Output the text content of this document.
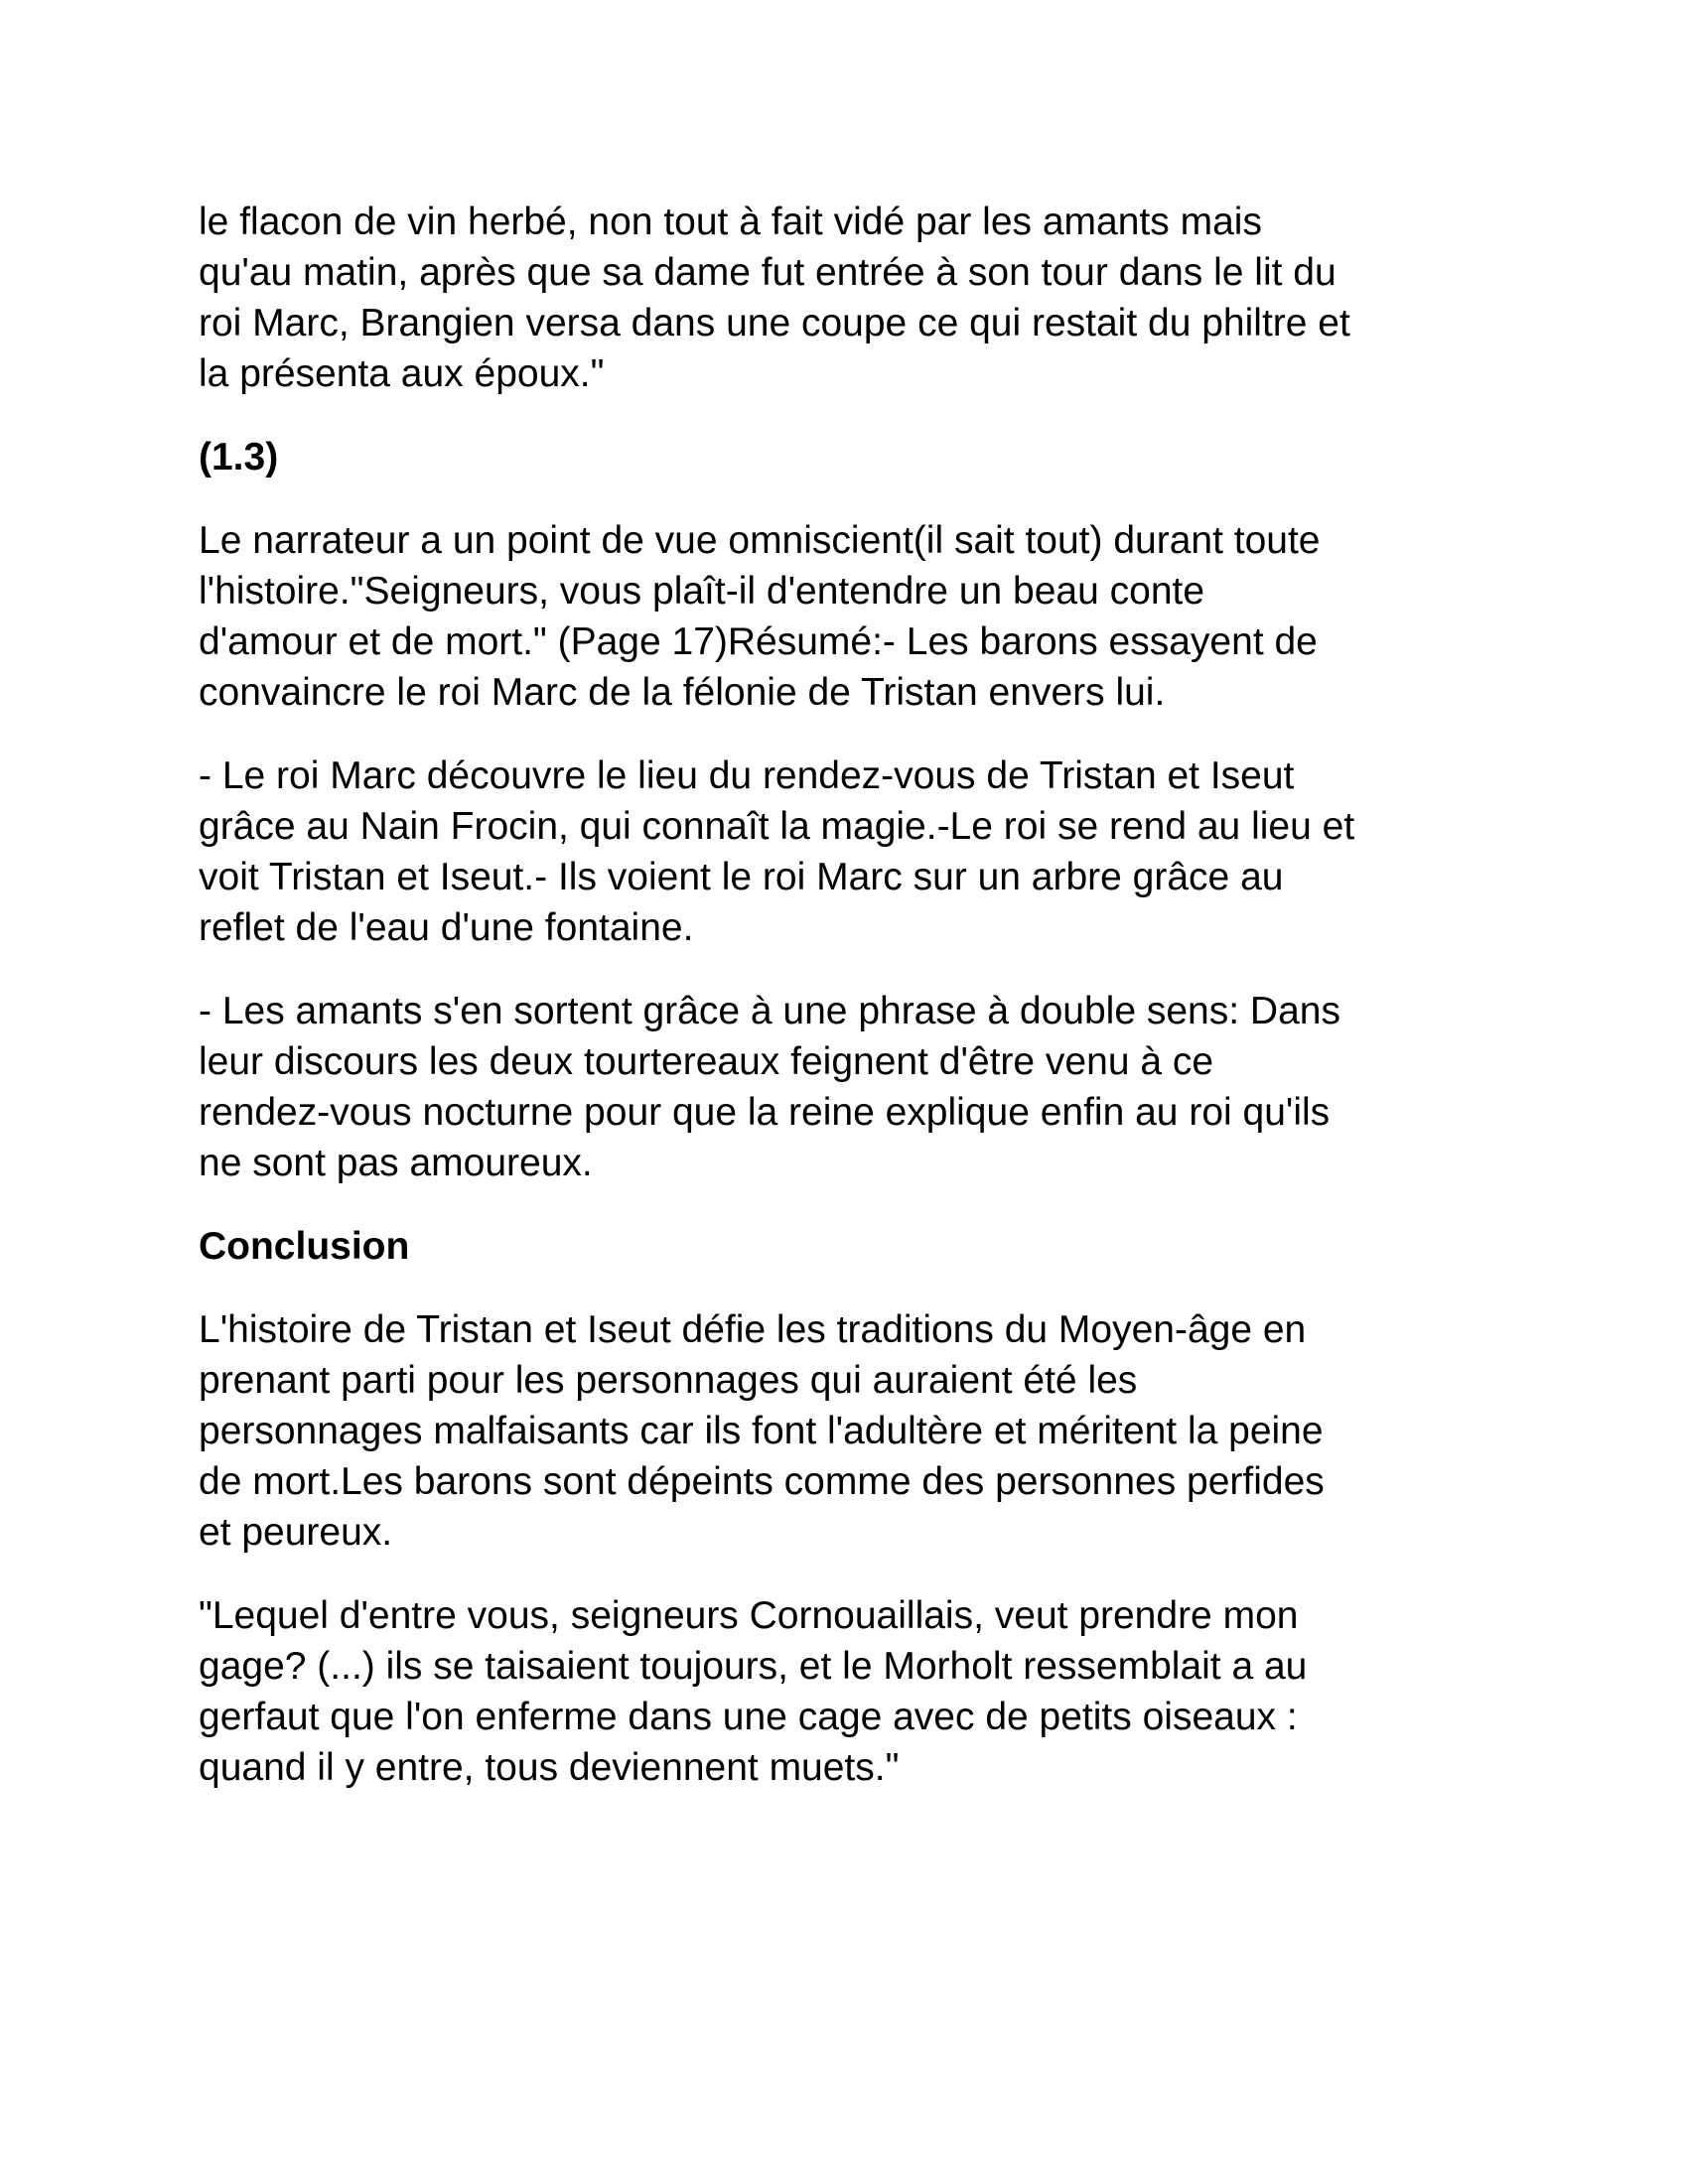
le flacon de vin herbé, non tout à fait vidé par les amants mais
qu'au matin, après que sa dame fut entrée à son tour dans le lit du
roi Marc, Brangien versa dans une coupe ce qui restait du philtre et
la présenta aux époux."
(1.3)
Le narrateur a un point de vue omniscient(il sait tout) durant toute
l'histoire."Seigneurs, vous plaît-il d'entendre un beau conte
d'amour et de mort." (Page 17)Résumé:- Les barons essayent de
convaincre le roi Marc de la félonie de Tristan envers lui.
- Le roi Marc découvre le lieu du rendez-vous de Tristan et Iseut
grâce au Nain Frocin, qui connaît la magie.-Le roi se rend au lieu et
voit Tristan et Iseut.- Ils voient le roi Marc sur un arbre grâce au
reflet de l'eau d'une fontaine.
- Les amants s'en sortent grâce à une phrase à double sens: Dans
leur discours les deux tourtereaux feignent d'être venu à ce
rendez-vous nocturne pour que la reine explique enfin au roi qu'ils
ne sont pas amoureux.
Conclusion
L'histoire de Tristan et Iseut défie les traditions du Moyen-âge en
prenant parti pour les personnages qui auraient été les
personnages malfaisants car ils font l'adultère et méritent la peine
de mort.Les barons sont dépeints comme des personnes perfides
et peureux.
"Lequel d'entre vous, seigneurs Cornouaillais, veut prendre mon
gage? (...) ils se taisaient toujours, et le Morholt ressemblait a au
gerfaut que l'on enferme dans une cage avec de petits oiseaux :
quand il y entre, tous deviennent muets."
